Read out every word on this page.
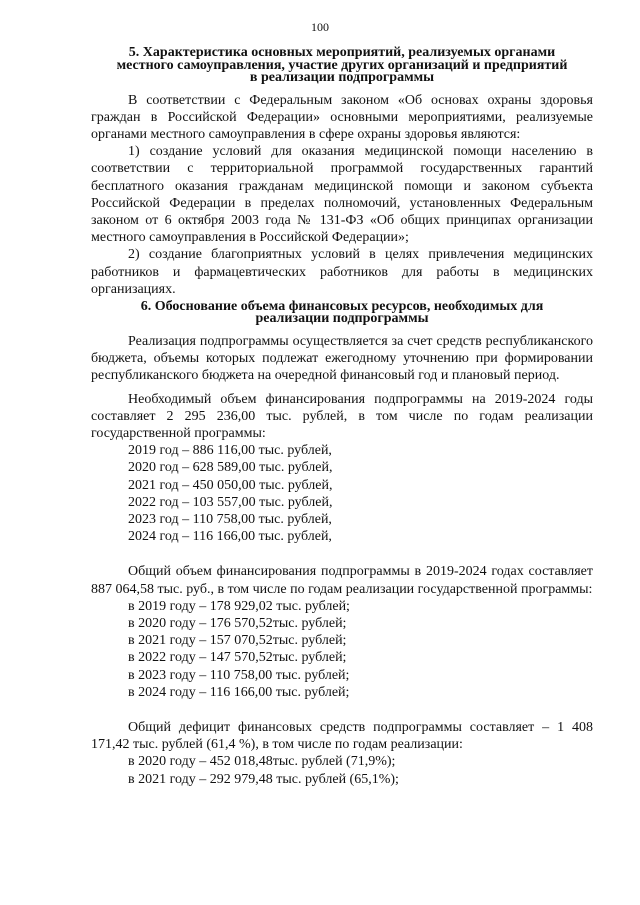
100
5. Характеристика основных мероприятий, реализуемых органами
местного самоуправления, участие других организаций и предприятий
в реализации подпрограммы

В соответствии с Федеральным законом «Об основах охраны здоровья граждан в Российской Федерации» основными мероприятиями, реализуемые органами местного самоуправления в сфере охраны здоровья являются:

1) создание условий для оказания медицинской помощи населению в соответствии с территориальной программой государственных гарантий бесплатного оказания гражданам медицинской помощи и законом субъекта Российской Федерации в пределах полномочий, установленных Федеральным законом от 6 октября 2003 года № 131-ФЗ «Об общих принципах организации местного самоуправления в Российской Федерации»;

2) создание благоприятных условий в целях привлечения медицинских работников и фармацевтических работников для работы в медицинских организациях.

6. Обоснование объема финансовых ресурсов, необходимых для
реализации подпрограммы

Реализация подпрограммы осуществляется за счет средств республиканского бюджета, объемы которых подлежат ежегодному уточнению при формировании республиканского бюджета на очередной финансовый год и плановый период.

Необходимый объем финансирования подпрограммы на 2019-2024 годы составляет 2 295 236,00 тыс. рублей, в том числе по годам реализации государственной программы:

2019 год – 886 116,00 тыс. рублей,
2020 год – 628 589,00 тыс. рублей,
2021 год – 450 050,00 тыс. рублей,
2022 год – 103 557,00 тыс. рублей,
2023 год – 110 758,00 тыс. рублей,
2024 год – 116 166,00 тыс. рублей,

Общий объем финансирования подпрограммы в 2019-2024 годах составляет 887 064,58 тыс. руб., в том числе по годам реализации государственной программы:

в 2019 году – 178 929,02 тыс. рублей;
в 2020 году – 176 570,52тыс. рублей;
в 2021 году – 157 070,52тыс. рублей;
в 2022 году – 147 570,52тыс. рублей;
в 2023 году – 110 758,00 тыс. рублей;
в 2024 году – 116 166,00 тыс. рублей;

Общий дефицит финансовых средств подпрограммы составляет – 1 408 171,42 тыс. рублей (61,4 %), в том числе по годам реализации:

в 2020 году – 452 018,48тыс. рублей (71,9%);
в 2021 году – 292 979,48 тыс. рублей (65,1%);
